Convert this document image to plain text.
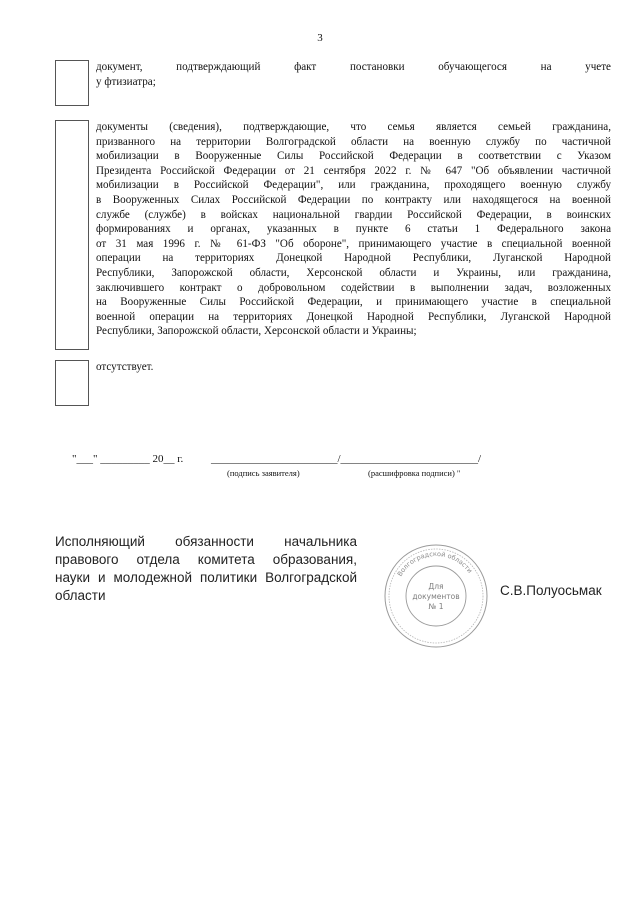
3
документ, подтверждающий факт постановки обучающегося на учете
у фтизиатра;
документы (сведения), подтверждающие, что семья является семьей гражданина,
призванного на территории Волгоградской области на военную службу по частичной
мобилизации в Вооруженные Силы Российской Федерации в соответствии с Указом
Президента Российской Федерации от 21 сентября 2022 г. № 647 "Об объявлении частичной
мобилизации в Российской Федерации", или гражданина, проходящего военную службу
в Вооруженных Силах Российской Федерации по контракту или находящегося на военной
службе (службе) в войсках национальной гвардии Российской Федерации, в воинских
формированиях и органах, указанных в пункте 6 статьи 1 Федерального закона
от 31 мая 1996 г. № 61-ФЗ "Об обороне", принимающего участие в специальной военной
операции на территориях Донецкой Народной Республики, Луганской Народной
Республики, Запорожской области, Херсонской области и Украины, или гражданина,
заключившего контракт о добровольном содействии в выполнении задач, возложенных
на Вооруженные Силы Российской Федерации, и принимающего участие в специальной
военной операции на территориях Донецкой Народной Республики, Луганской Народной
Республики, Запорожской области, Херсонской области и Украины;
отсутствует.
"___" _________ 20__ г.	_______________________/_________________________/
(подпись заявителя)	(расшифровка подписи) "
Исполняющий обязанности начальника
правового отдела комитета образования,
науки и молодежной политики Волгоградской
области	С.В.Полуосьмак
Волгоградской области
Для
документов
№ 1
